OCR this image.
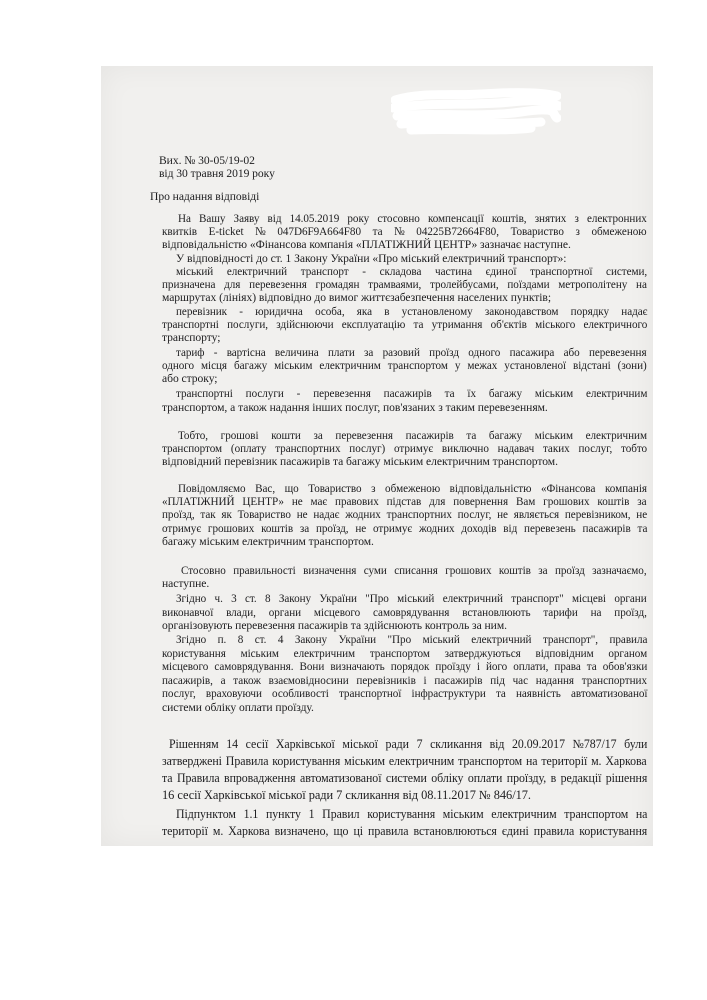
Вих. № 30-05/19-02
від 30 травня 2019 року
Про надання відповіді
На Вашу Заяву від 14.05.2019 року стосовно компенсації коштів, знятих з електронних
квитків E-ticket № 047D6F9A664F80 та № 04225B72664F80, Товариство з обмеженою
відповідальністю «Фінансова компанія «ПЛАТІЖНИЙ ЦЕНТР» зазначає наступне.
У відповідності до ст. 1 Закону України «Про міський електричний транспорт»:
міський електричний транспорт - складова частина єдиної транспортної системи,
призначена для перевезення громадян трамваями, тролейбусами, поїздами метрополітену на
маршрутах (лініях) відповідно до вимог життєзабезпечення населених пунктів;
перевізник - юридична особа, яка в установленому законодавством порядку надає
транспортні послуги, здійснюючи експлуатацію та утримання об'єктів міського електричного
транспорту;
тариф - вартісна величина плати за разовий проїзд одного пасажира або перевезення
одного місця багажу міським електричним транспортом у межах установленої відстані (зони)
або строку;
транспортні послуги - перевезення пасажирів та їх багажу міським електричним
транспортом, а також надання інших послуг, пов'язаних з таким перевезенням.
Тобто, грошові кошти за перевезення пасажирів та багажу міським електричним
транспортом (оплату транспортних послуг) отримує виключно надавач таких послуг, тобто
відповідний перевізник пасажирів та багажу міським електричним транспортом.
Повідомляємо Вас, що Товариство з обмеженою відповідальністю «Фінансова компанія
«ПЛАТІЖНИЙ ЦЕНТР» не має правових підстав для повернення Вам грошових коштів за
проїзд, так як Товариство не надає жодних транспортних послуг, не являється перевізником, не
отримує грошових коштів за проїзд, не отримує жодних доходів від перевезень пасажирів та
багажу міським електричним транспортом.
Стосовно правильності визначення суми списання грошових коштів за проїзд зазначаємо,
наступне.
Згідно ч. 3 ст. 8 Закону України "Про міський електричний транспорт" місцеві органи
виконавчої влади, органи місцевого самоврядування встановлюють тарифи на проїзд,
організовують перевезення пасажирів та здійснюють контроль за ним.
Згідно п. 8 ст. 4 Закону України "Про міський електричний транспорт", правила
користування міським електричним транспортом затверджуються відповідним органом
місцевого самоврядування. Вони визначають порядок проїзду і його оплати, права та обов'язки
пасажирів, а також взаємовідносини перевізників і пасажирів під час надання транспортних
послуг, враховуючи особливості транспортної інфраструктури та наявність автоматизованої
системи обліку оплати проїзду.
Рішенням 14 сесії Харківської міської ради 7 скликання від 20.09.2017 №787/17 були
затверджені Правила користування міським електричним транспортом на території м. Харкова
та Правила впровадження автоматизованої системи обліку оплати проїзду, в редакції рішення
16 сесії Харківської міської ради 7 скликання від 08.11.2017 № 846/17.
Підпунктом 1.1 пункту 1 Правил користування міським електричним транспортом на
території м. Харкова визначено, що ці правила встановлюються єдині правила користування
